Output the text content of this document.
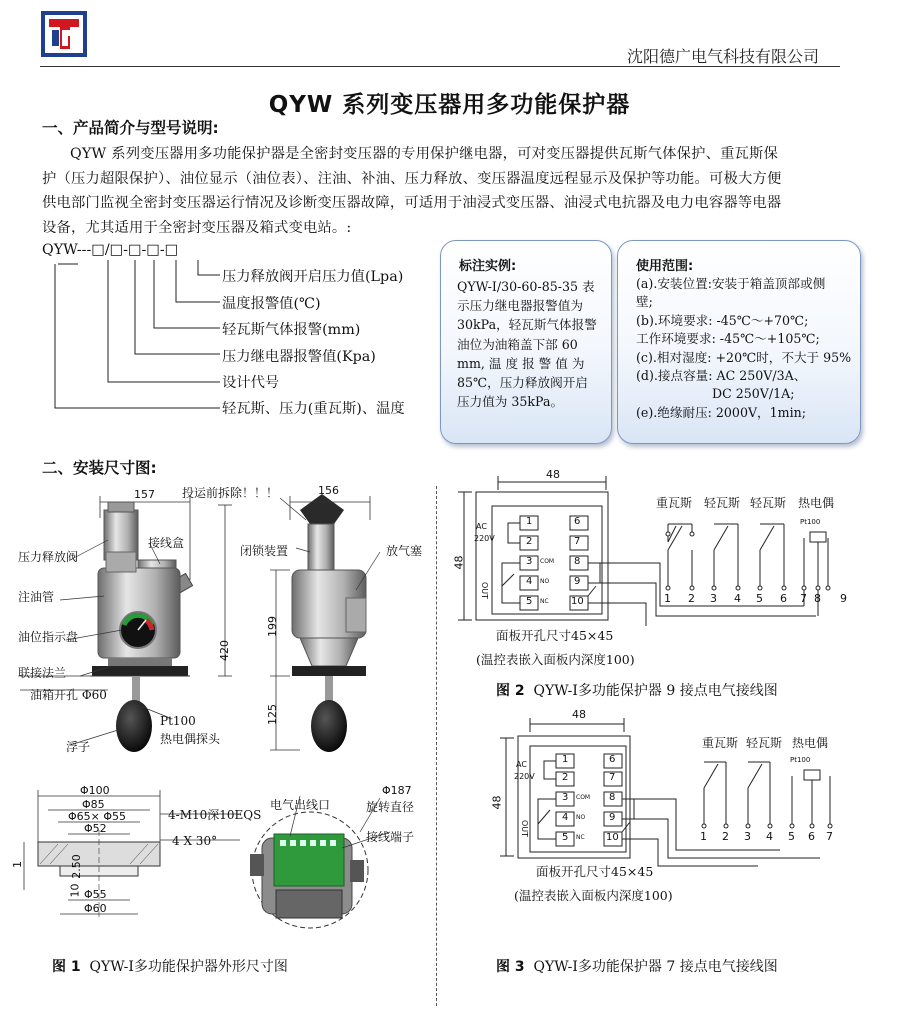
沈阳德广电气科技有限公司
QYW 系列变压器用多功能保护器
一、产品简介与型号说明:
QYW 系列变压器用多功能保护器是全密封变压器的专用保护继电器，可对变压器提供瓦斯气体保护、重瓦斯保护（压力超限保护）、油位显示（油位表）、注油、补油、压力释放、变压器温度远程显示及保护等功能。可极大方便供电部门监视全密封变压器运行情况及诊断变压器故障，可适用于油浸式变压器、油浸式电抗器及电力电容器等电器设备，尤其适用于全密封变压器及箱式变电站。:
QYW---□/□-□-□-□
压力释放阀开启压力值(Lpa)
温度报警值(℃)
轻瓦斯气体报警(mm)
压力继电器报警值(Kpa)
设计代号
轻瓦斯、压力(重瓦斯)、温度
标注实例:
QYW-Ⅰ/30-60-85-35 表
示压力继电器报警值为
30kPa，轻瓦斯气体报警
油位为油箱盖下部 60
mm, 温 度 报 警 值 为
85℃，压力释放阀开启
压力值为 35kPa。
使用范围:
(a).安装位置:安装于箱盖顶部或侧
壁;
(b).环境要求: -45℃～+70℃;
工作环境要求: -45℃～+105℃;
(c).相对湿度: +20℃时，不大于 95%
(d).接点容量: AC 250V/3A、
DC 250V/1A;
(e).绝缘耐压: 2000V，1min;
二、安装尺寸图:
压力释放阀
注油管
油位指示盘
联接法兰
油箱开孔 Φ60
浮子
Pt100
热电偶探头
接线盒
投运前拆除！！！
闭锁装置	放气塞
157	156
420
199
125
Φ100
Φ85
Φ65× Φ55
Φ52
Φ55
Φ60
2.50
10
1
4-M10深10EQS
4 X 30°
电气出线口
Φ187
旋转直径
接线端子
图 1 QYW-Ⅰ多功能保护器外形尺寸图
48
48
AC
220V
OUT
1
2
3
4
5
6
7
8
9
10
COM
NO
NC
面板开孔尺寸45×45
(温控表嵌入面板内深度100)
重瓦斯 轻瓦斯 轻瓦斯 热电偶
Pt100
1 2 3 4 5 6 7 8 9
图 2 QYW-Ⅰ多功能保护器 9 接点电气接线图
48
48
AC
220V
OUT
1
2
3
4
5
6
7
8
9
10
COM
NO
NC
面板开孔尺寸45×45
(温控表嵌入面板内深度100)
重瓦斯 轻瓦斯 热电偶
Pt100
1 2 3 4 5 6 7
图 3 QYW-Ⅰ多功能保护器 7 接点电气接线图
